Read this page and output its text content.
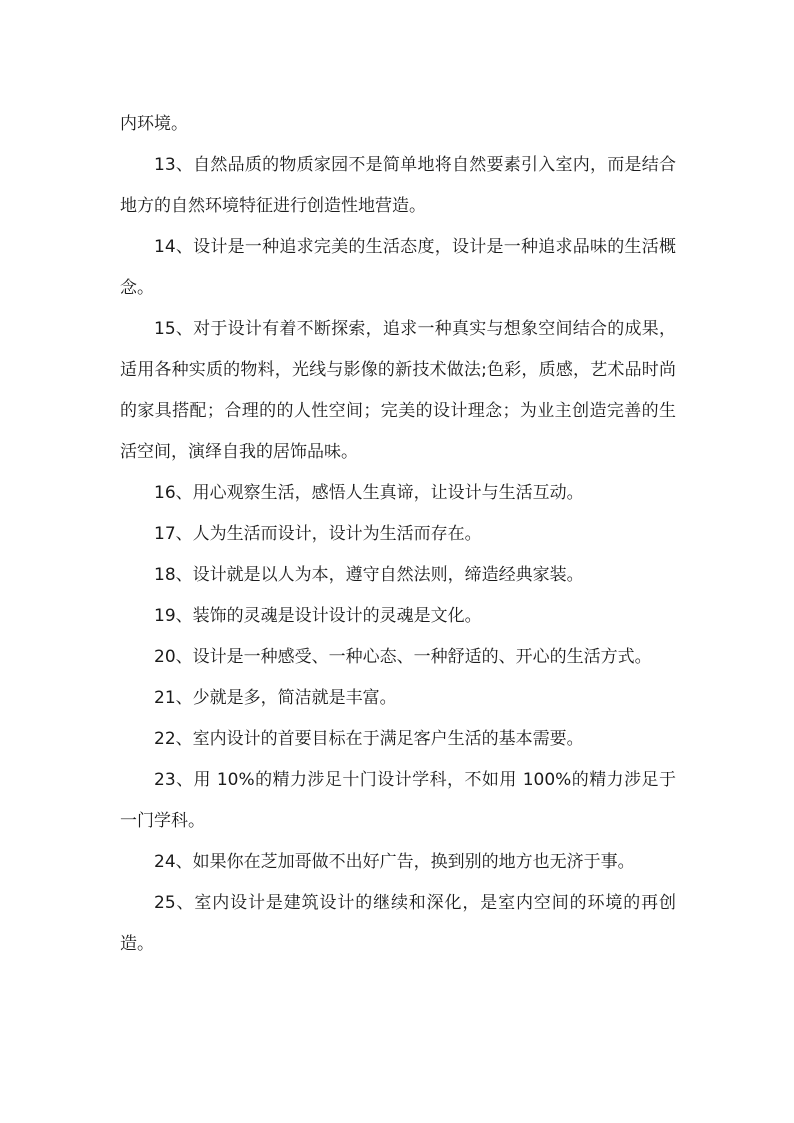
内环境。

13、自然品质的物质家园不是简单地将自然要素引入室内，而是结合地方的自然环境特征进行创造性地营造。

14、设计是一种追求完美的生活态度，设计是一种追求品味的生活概念。

15、对于设计有着不断探索，追求一种真实与想象空间结合的成果，适用各种实质的物料，光线与影像的新技术做法;色彩，质感，艺术品时尚的家具搭配；合理的的人性空间；完美的设计理念；为业主创造完善的生活空间，演绎自我的居饰品味。

16、用心观察生活，感悟人生真谛，让设计与生活互动。

17、人为生活而设计，设计为生活而存在。

18、设计就是以人为本，遵守自然法则，缔造经典家装。

19、装饰的灵魂是设计设计的灵魂是文化。

20、设计是一种感受、一种心态、一种舒适的、开心的生活方式。

21、少就是多，简洁就是丰富。

22、室内设计的首要目标在于满足客户生活的基本需要。

23、用 10%的精力涉足十门设计学科，不如用 100%的精力涉足于一门学科。

24、如果你在芝加哥做不出好广告，换到别的地方也无济于事。

25、室内设计是建筑设计的继续和深化，是室内空间的环境的再创造。
